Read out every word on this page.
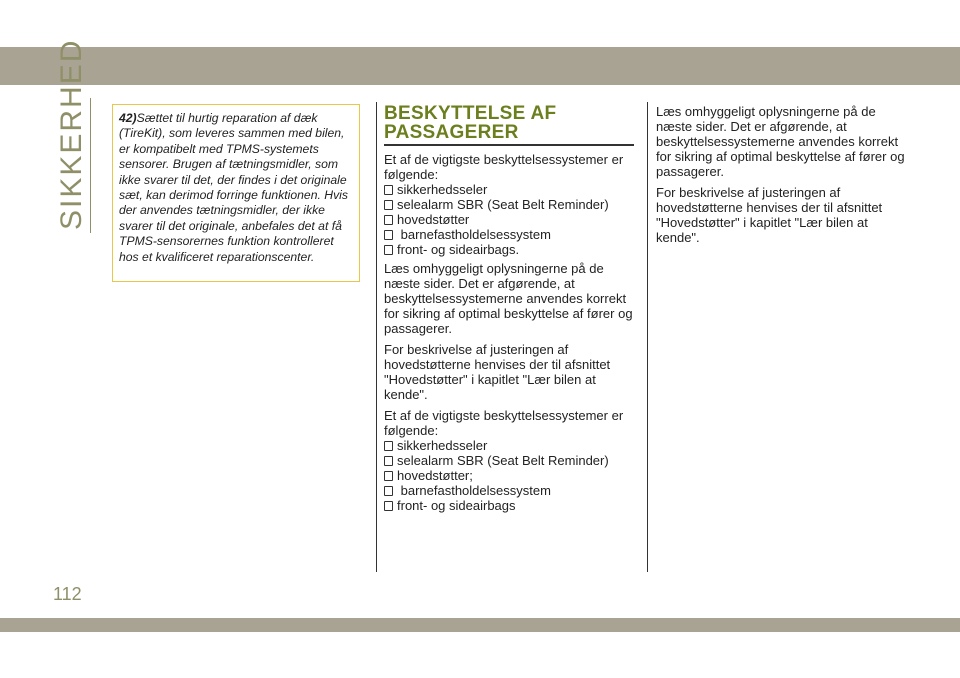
SIKKERHED	42)Sættet til hurtig reparation af dæk (TireKit), som leveres sammen med bilen, er kompatibelt med TPMS-systemets sensorer. Brugen af tætningsmidler, som ikke svarer til det, der findes i det originale sæt, kan derimod forringe funktionen. Hvis der anvendes tætningsmidler, der ikke svarer til det originale, anbefales det at få TPMS-sensorernes funktion kontrolleret hos et kvalificeret reparationscenter.

BESKYTTELSE AF
PASSAGERER

Et af de vigtigste beskyttelsessystemer er følgende:

sikkerhedsseler
selealarm SBR (Seat Belt Reminder)
hovedstøtter
barnefastholdelsessystem
front- og sideairbags.

Læs omhyggeligt oplysningerne på de næste sider. Det er afgørende, at beskyttelsessystemerne anvendes korrekt for sikring af optimal beskyttelse af fører og passagerer.

For beskrivelse af justeringen af hovedstøtterne henvises der til afsnittet "Hovedstøtter" i kapitlet "Lær bilen at kende".

Et af de vigtigste beskyttelsessystemer er følgende:

sikkerhedsseler
selealarm SBR (Seat Belt Reminder)
hovedstøtter;
barnefastholdelsessystem
front- og sideairbags

Læs omhyggeligt oplysningerne på de næste sider. Det er afgørende, at beskyttelsessystemerne anvendes korrekt for sikring af optimal beskyttelse af fører og passagerer.

For beskrivelse af justeringen af hovedstøtterne henvises der til afsnittet "Hovedstøtter" i kapitlet "Lær bilen at kende".

112
